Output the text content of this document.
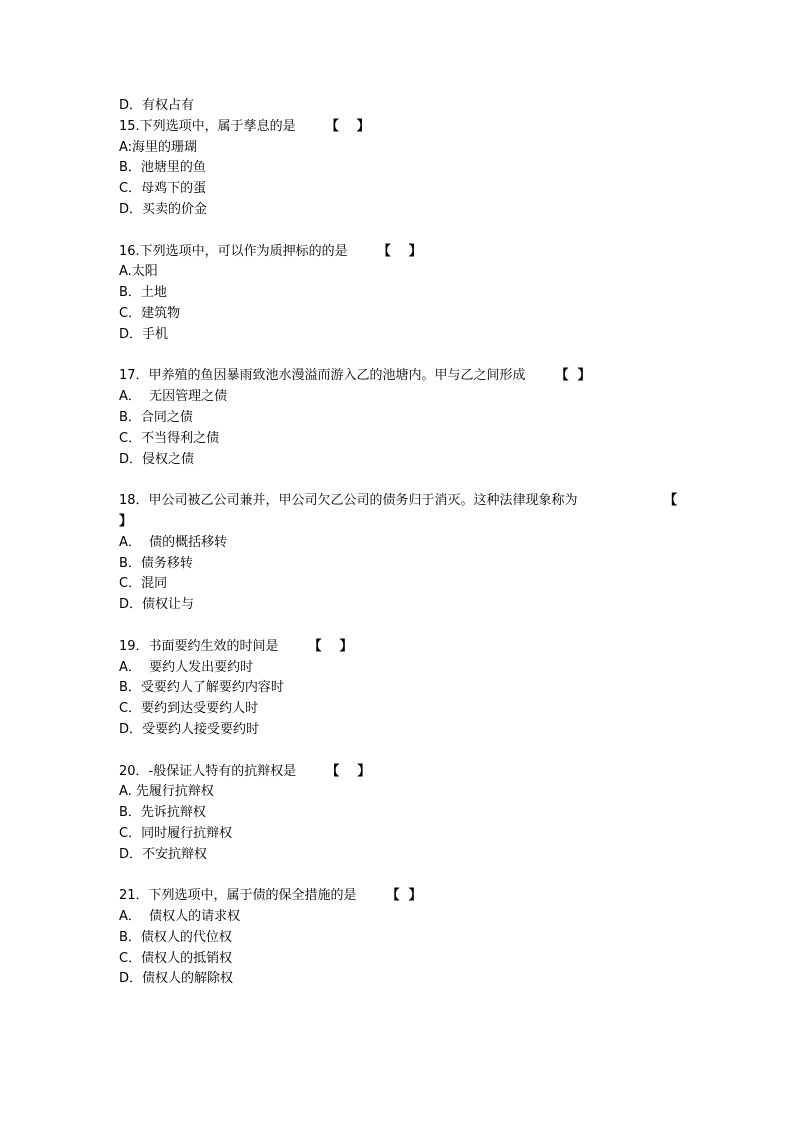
D．有权占有
15.下列选项中，属于孳息的是 【    】
A:海里的珊瑚
B．池塘里的鱼
C．母鸡下的蛋
D．买卖的价金
16.下列选项中，可以作为质押标的的是 【    】
A.太阳
B．土地
C．建筑物
D．手机
17．甲养殖的鱼因暴雨致池水漫溢而游入乙的池塘内。甲与乙之间形成 【  】
A．  无因管理之债
B．合同之债
C．不当得利之债
D．侵权之债
18．甲公司被乙公司兼并，甲公司欠乙公司的债务归于消灭。这种法律现象称为	【
】
A．  债的概括移转
B．债务移转
C．混同
D．债权让与
19．书面要约生效的时间是 【    】
A．  要约人发出要约时
B．受要约人了解要约内容时
C．要约到达受要约人时
D．受要约人接受要约时
20．-般保证人特有的抗辩权是 【    】
A. 先履行抗辩权
B．先诉抗辩权
C．同时履行抗辩权
D．不安抗辩权
21．下列选项中，属于债的保全措施的是 【  】
A．  债权人的请求权
B．债权人的代位权
C．债权人的抵销权
D．债权人的解除权
